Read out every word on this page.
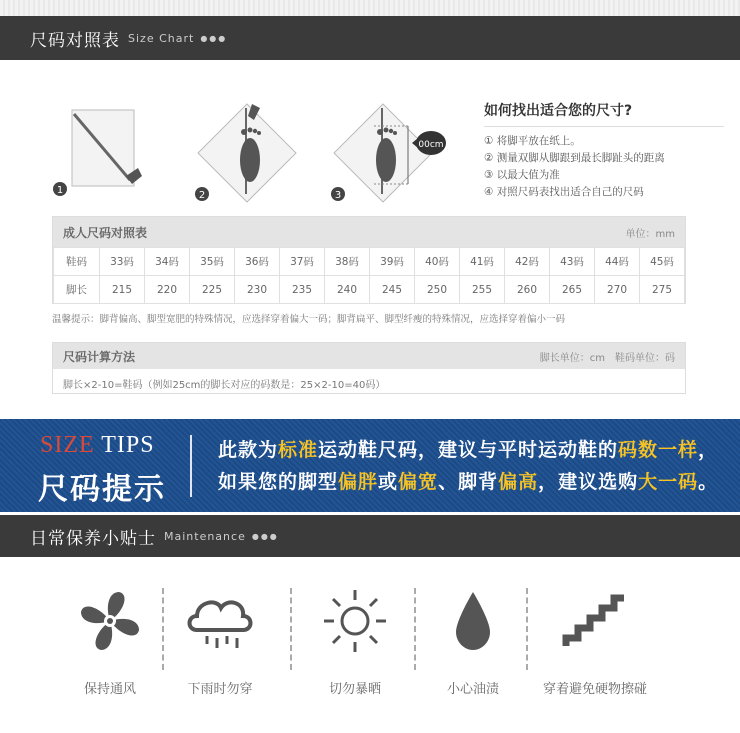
尺码对照表 Size Chart ●●●
1	2
00cm
3
如何找出适合您的尺寸?
① 将脚平放在纸上。
② 测量双脚从脚跟到最长脚趾头的距离
③ 以最大值为准
④ 对照尺码表找出适合自己的尺码
成人尺码对照表	单位：mm
鞋码	33码	34码	35码	36码	37码	38码	39码	40码	41码	42码	43码	44码	45码
脚长	215	220	225	230	235	240	245	250	255	260	265	270	275
温馨提示：脚背偏高、脚型宽肥的特殊情况，应选择穿着偏大一码；脚背扁平、脚型纤瘦的特殊情况，应选择穿着偏小一码
尺码计算方法	脚长单位：cm　鞋码单位：码
脚长×2-10=鞋码（例如25cm的脚长对应的码数是：25×2-10=40码）
SIZE TIPS
尺码提示
此款为标准运动鞋尺码，建议与平时运动鞋的码数一样，
如果您的脚型偏胖或偏宽、脚背偏高，建议选购大一码。
日常保养小贴士 Maintenance ●●●
保持通风	下雨时勿穿	切勿暴晒	小心油渍	穿着避免硬物擦碰
